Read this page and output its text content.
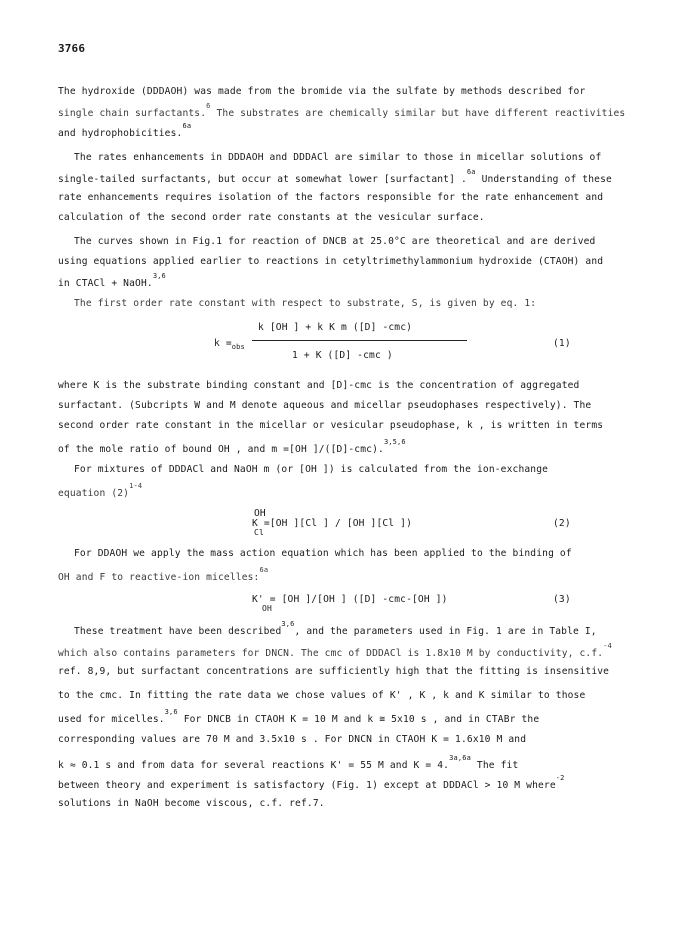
3766
The hydroxide (DDDAOH) was made from the bromide via the sulfate by methods described for
single chain surfactants.$^6$ The substrates are chemically similar but have different reactivities
and hydrophobicities.$^{6a}$
The rates enhancements in DDDAOH and DDDACl are similar to those in micellar solutions of
single-tailed surfactants, but occur at somewhat lower [surfactant] .$^{6a}$ Understanding of these
rate enhancements requires isolation of the factors responsible for the rate enhancement and
calculation of the second order rate constants at the vesicular surface.
The curves shown in Fig.1 for reaction of DNCB at 25.0°C are theoretical and are derived
using equations applied earlier to reactions in cetyltrimethylammonium hydroxide (CTAOH) and
in CTACl + NaOH.$^{3,6}$
The first order rate constant with respect to substrate, S, is given by eq. 1:
k [OH ] + k K m ([D] -cmc)
$k =_{obs}$
1 + K ([D] -cmc )
(1)
where K is the substrate binding constant and [D]-cmc is the concentration of aggregated
surfactant. (Subcripts W and M denote aqueous and micellar pseudophases respectively). The
second order rate constant in the micellar or vesicular pseudophase, k , is written in terms
of the mole ratio of bound OH , and m =[OH ]/([D]-cmc).$^{3,5,6}$
For mixtures of DDDACl and NaOH m (or [OH ]) is calculated from the ion-exchange
equation $(2)^{1-4}$
OH
K =[OH ][Cl ] / [OH ][Cl ])
Cl
(2)
For DDAOH we apply the mass action equation which has been applied to the binding of
OH and F to reactive-ion micelles:$^{6a}$
K' = [OH ]/[OH ] ([D] -cmc-[OH ])
OH
(3)
These treatment have been described$^{3,6}$, and the parameters used in Fig. 1 are in Table I,
which also contains parameters for DNCN. The cmc of DDDACl is 1.8x10 M by conductivity, c.f.$^{-4}$
ref. 8,9, but surfactant concentrations are sufficiently high that the fitting is insensitive
to the cmc. In fitting the rate data we chose values of K' , K , k and K similar to those
used for micelles.$^{3,6}$ For DNCB in CTAOH K = 10 M and k ≅ 5x10 s , and in CTABr the
corresponding values are 70 M and 3.5x10 s . For DNCN in CTAOH K = 1.6x10 M and
k ≈ 0.1 s and from data for several reactions K' = 55 M and K = 4.$^{3a,6a}$ The fit
between theory and experiment is satisfactory (Fig. 1) except at DDDACl > 10 M where$^{-2}$
solutions in NaOH become viscous, c.f. ref.7.
